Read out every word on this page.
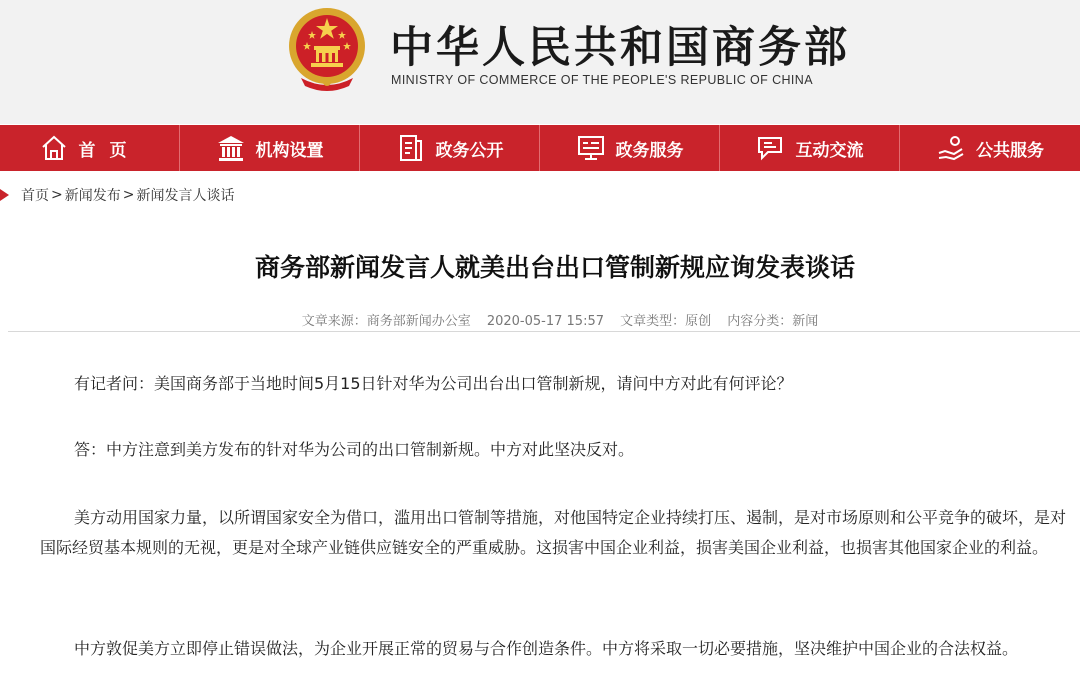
中华人民共和国商务部
MINISTRY OF COMMERCE OF THE PEOPLE'S REPUBLIC OF CHINA
首页	机构设置	政务公开	政务服务	互动交流	公共服务
首页 > 新闻发布 > 新闻发言人谈话
商务部新闻发言人就美出台出口管制新规应询发表谈话
文章来源：商务部新闻办公室 2020-05-17 15:57 文章类型：原创 内容分类：新闻

有记者问：美国商务部于当地时间5月15日针对华为公司出台出口管制新规，请问中方对此有何评论？

答：中方注意到美方发布的针对华为公司的出口管制新规。中方对此坚决反对。

美方动用国家力量，以所谓国家安全为借口，滥用出口管制等措施，对他国特定企业持续打压、遏制，是对市场原则和公平竞争的破坏，是对国际经贸基本规则的无视，更是对全球产业链供应链安全的严重威胁。这损害中国企业利益，损害美国企业利益，也损害其他国家企业的利益。

中方敦促美方立即停止错误做法，为企业开展正常的贸易与合作创造条件。中方将采取一切必要措施，坚决维护中国企业的合法权益。
